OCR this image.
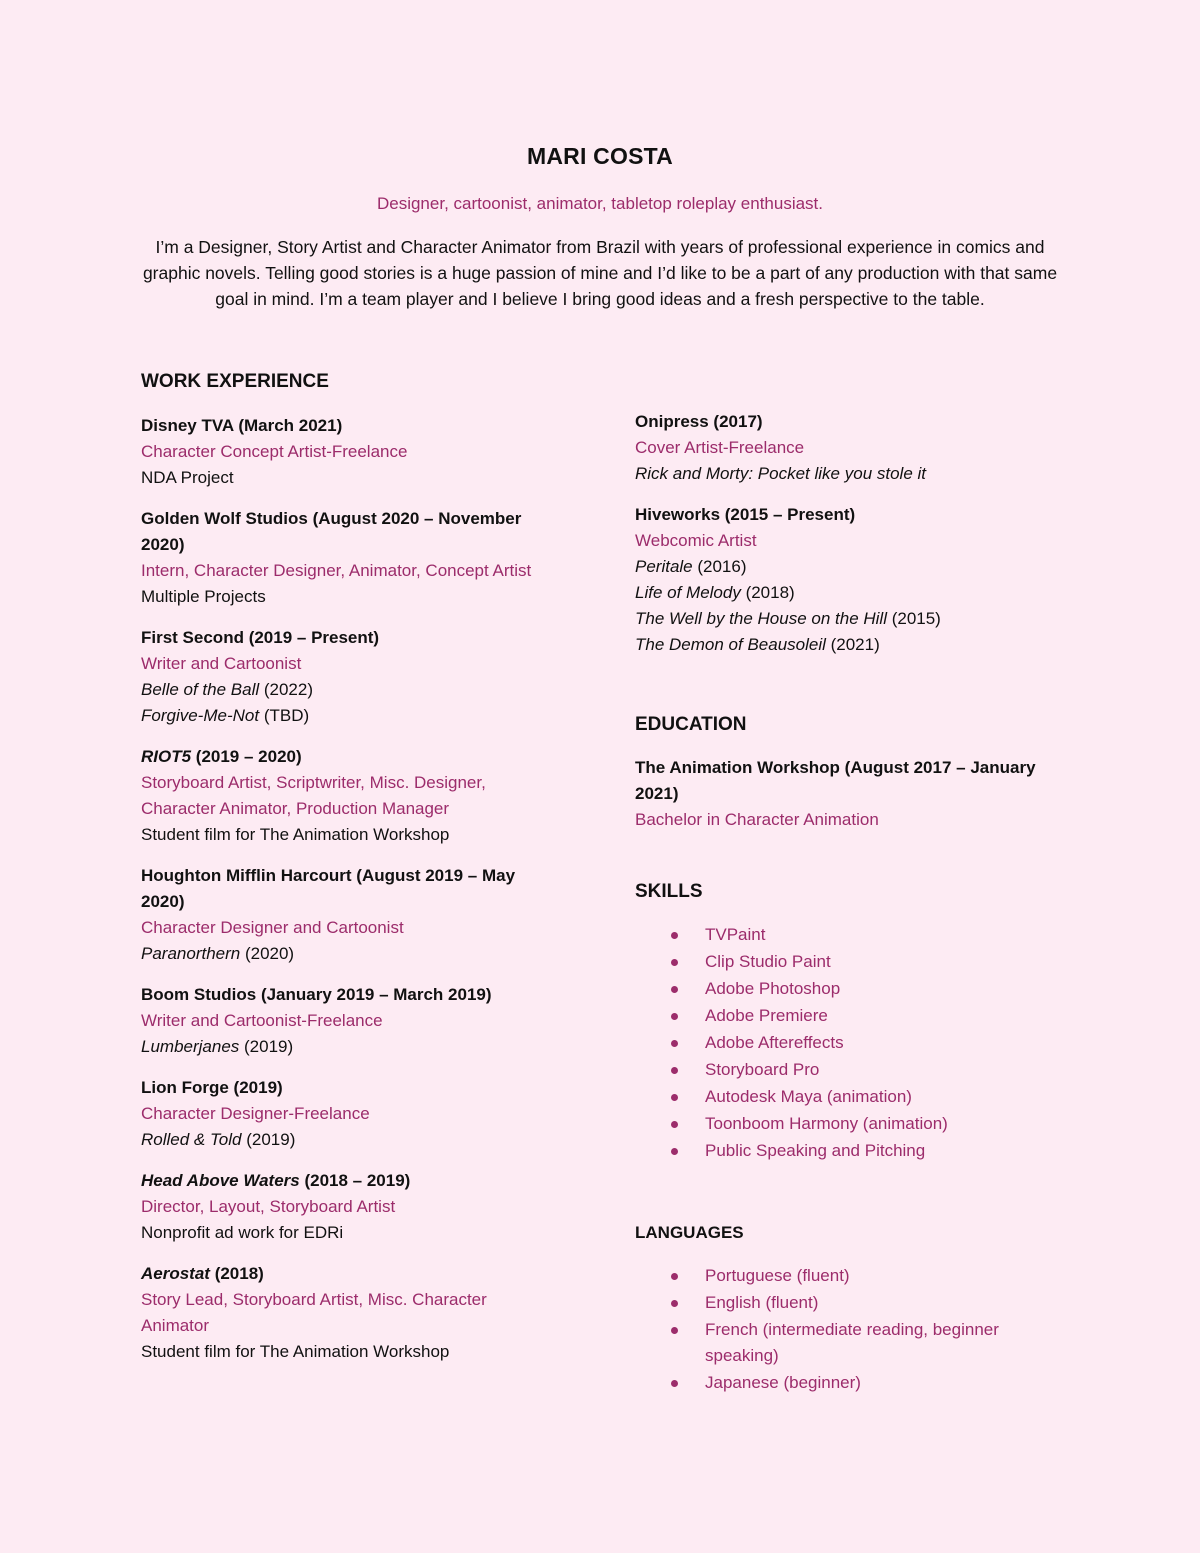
MARI COSTA
Designer, cartoonist, animator, tabletop roleplay enthusiast.
I’m a Designer, Story Artist and Character Animator from Brazil with years of professional experience in comics and graphic novels. Telling good stories is a huge passion of mine and I’d like to be a part of any production with that same goal in mind. I’m a team player and I believe I bring good ideas and a fresh perspective to the table.
WORK EXPERIENCE
Disney TVA (March 2021)
Character Concept Artist-Freelance
NDA Project
Golden Wolf Studios (August 2020 – November 2020)
Intern, Character Designer, Animator, Concept Artist
Multiple Projects
First Second (2019 – Present)
Writer and Cartoonist
Belle of the Ball (2022)
Forgive-Me-Not (TBD)
RIOT5 (2019 – 2020)
Storyboard Artist, Scriptwriter, Misc. Designer, Character Animator, Production Manager
Student film for The Animation Workshop
Houghton Mifflin Harcourt (August 2019 – May 2020)
Character Designer and Cartoonist
Paranorthern (2020)
Boom Studios (January 2019 – March 2019)
Writer and Cartoonist-Freelance
Lumberjanes (2019)
Lion Forge (2019)
Character Designer-Freelance
Rolled & Told (2019)
Head Above Waters (2018 – 2019)
Director, Layout, Storyboard Artist
Nonprofit ad work for EDRi
Aerostat (2018)
Story Lead, Storyboard Artist, Misc. Character Animator
Student film for The Animation Workshop
Onipress (2017)
Cover Artist-Freelance
Rick and Morty: Pocket like you stole it
Hiveworks (2015 – Present)
Webcomic Artist
Peritale (2016)
Life of Melody (2018)
The Well by the House on the Hill (2015)
The Demon of Beausoleil (2021)
EDUCATION
The Animation Workshop (August 2017 – January 2021)
Bachelor in Character Animation
SKILLS
TVPaint
Clip Studio Paint
Adobe Photoshop
Adobe Premiere
Adobe Aftereffects
Storyboard Pro
Autodesk Maya (animation)
Toonboom Harmony (animation)
Public Speaking and Pitching
LANGUAGES
Portuguese (fluent)
English (fluent)
French (intermediate reading, beginner speaking)
Japanese (beginner)
